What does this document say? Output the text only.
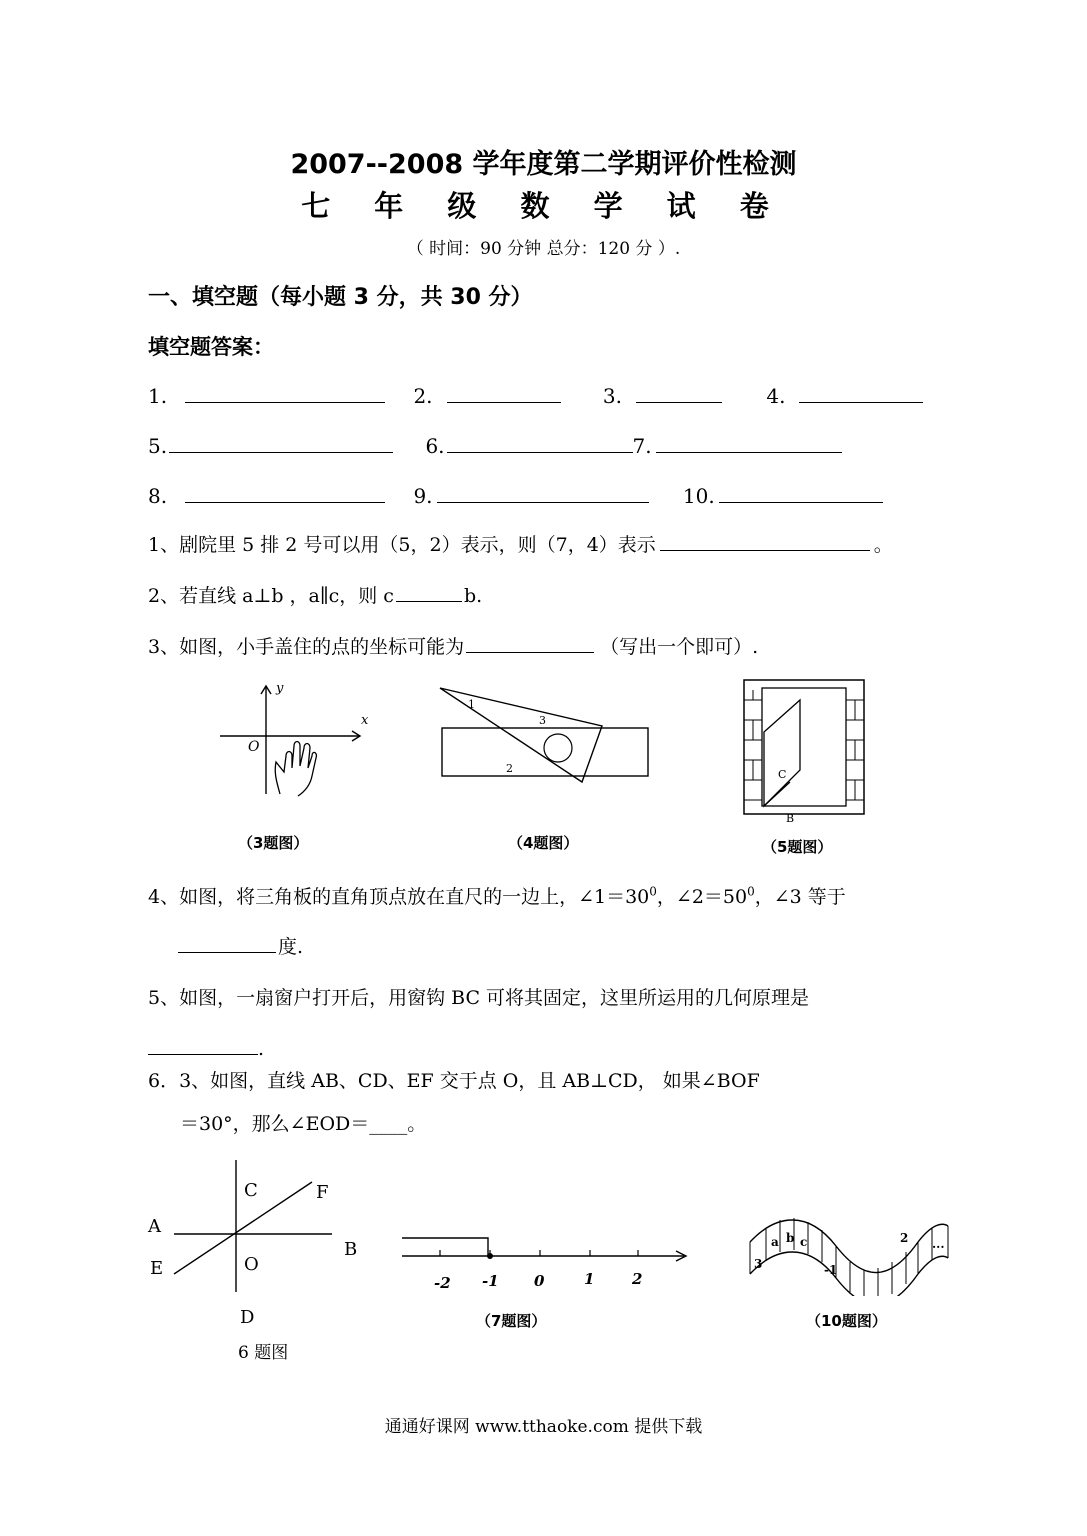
2007--2008 学年度第二学期评价性检测
七 年 级 数 学 试 卷
（ 时间：90 分钟 总分：120 分 ）.
一、填空题（每小题 3 分，共 30 分）
填空题答案：
1.	2.	3.	4.
5.	6.	7.
8.	9.	10.
1、剧院里 5 排 2 号可以用（5，2）表示，则（7，4）表示	。
2、若直线 a⊥b ，a∥c，则 c	b.
3、如图，小手盖住的点的坐标可能为	（写出一个即可）.
x
y
O
（3题图）
1
2
3
（4题图）
C
B
（5题图）
4、如图，将三角板的直角顶点放在直尺的一边上，$\angle 1=30^0$，$\angle 2=50^0$，∠3 等于
度.
5、如图，一扇窗户打开后，用窗钩 BC 可将其固定，这里所运用的几何原理是
.
6．3、如图，直线 AB、CD、EF 交于点 O，且 AB⊥CD， 如果∠BOF
＝30°，那么∠EOD＝____。
C	F
A
B
E	O
D
6 题图
-2 -1 0	1	2
（7题图）
3
a b c
-1
2 ...
（10题图）
通通好课网 www.tthaoke.com 提供下载
